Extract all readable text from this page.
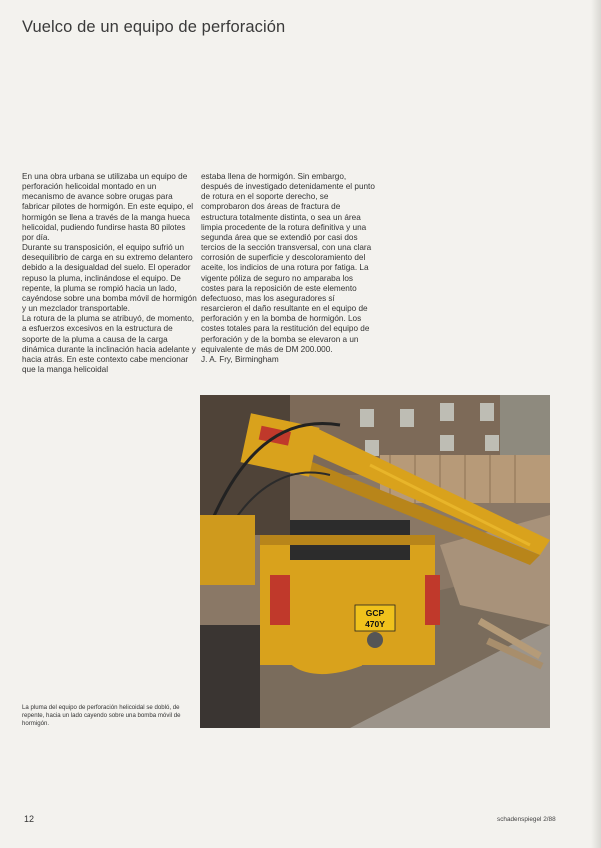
Vuelco de un equipo de perforación

En una obra urbana se utilizaba un equipo de perforación helicoidal montado en un mecanismo de avance sobre orugas para fabricar pilotes de hormigón. En este equipo, el hormigón se llena a través de la manga hueca helicoidal, pudiendo fundirse hasta 80 pilotes por día.

Durante su transposición, el equipo sufrió un desequilibrio de carga en su extremo delantero debido a la desigualdad del suelo. El operador repuso la pluma, inclinándose el equipo. De repente, la pluma se rompió hacia un lado, cayéndose sobre una bomba móvil de hormigón y un mezclador transportable.

La rotura de la pluma se atribuyó, de momento, a esfuerzos excesivos en la estructura de soporte de la pluma a causa de la carga dinámica durante la inclinación hacia adelante y hacia atrás. En este contexto cabe mencionar que la manga helicoidal

estaba llena de hormigón. Sin embargo, después de investigado detenidamente el punto de rotura en el soporte derecho, se comprobaron dos áreas de fractura de estructura totalmente distinta, o sea un área limpia procedente de la rotura definitiva y una segunda área que se extendió por casi dos tercios de la sección transversal, con una clara corrosión de superficie y descoloramiento del aceite, los indicios de una rotura por fatiga. La vigente póliza de seguro no amparaba los costes para la reposición de este elemento defectuoso, mas los aseguradores sí resarcieron el daño resultante en el equipo de perforación y en la bomba de hormigón. Los costes totales para la restitución del equipo de perforación y de la bomba se elevaron a un equivalente de más de DM 200.000.

J. A. Fry, Birmingham

GCP
470Y

La pluma del equipo de perforación helicoidal se dobló, de repente, hacia un lado cayendo sobre una bomba móvil de hormigón.

12	schadenspiegel 2/88
